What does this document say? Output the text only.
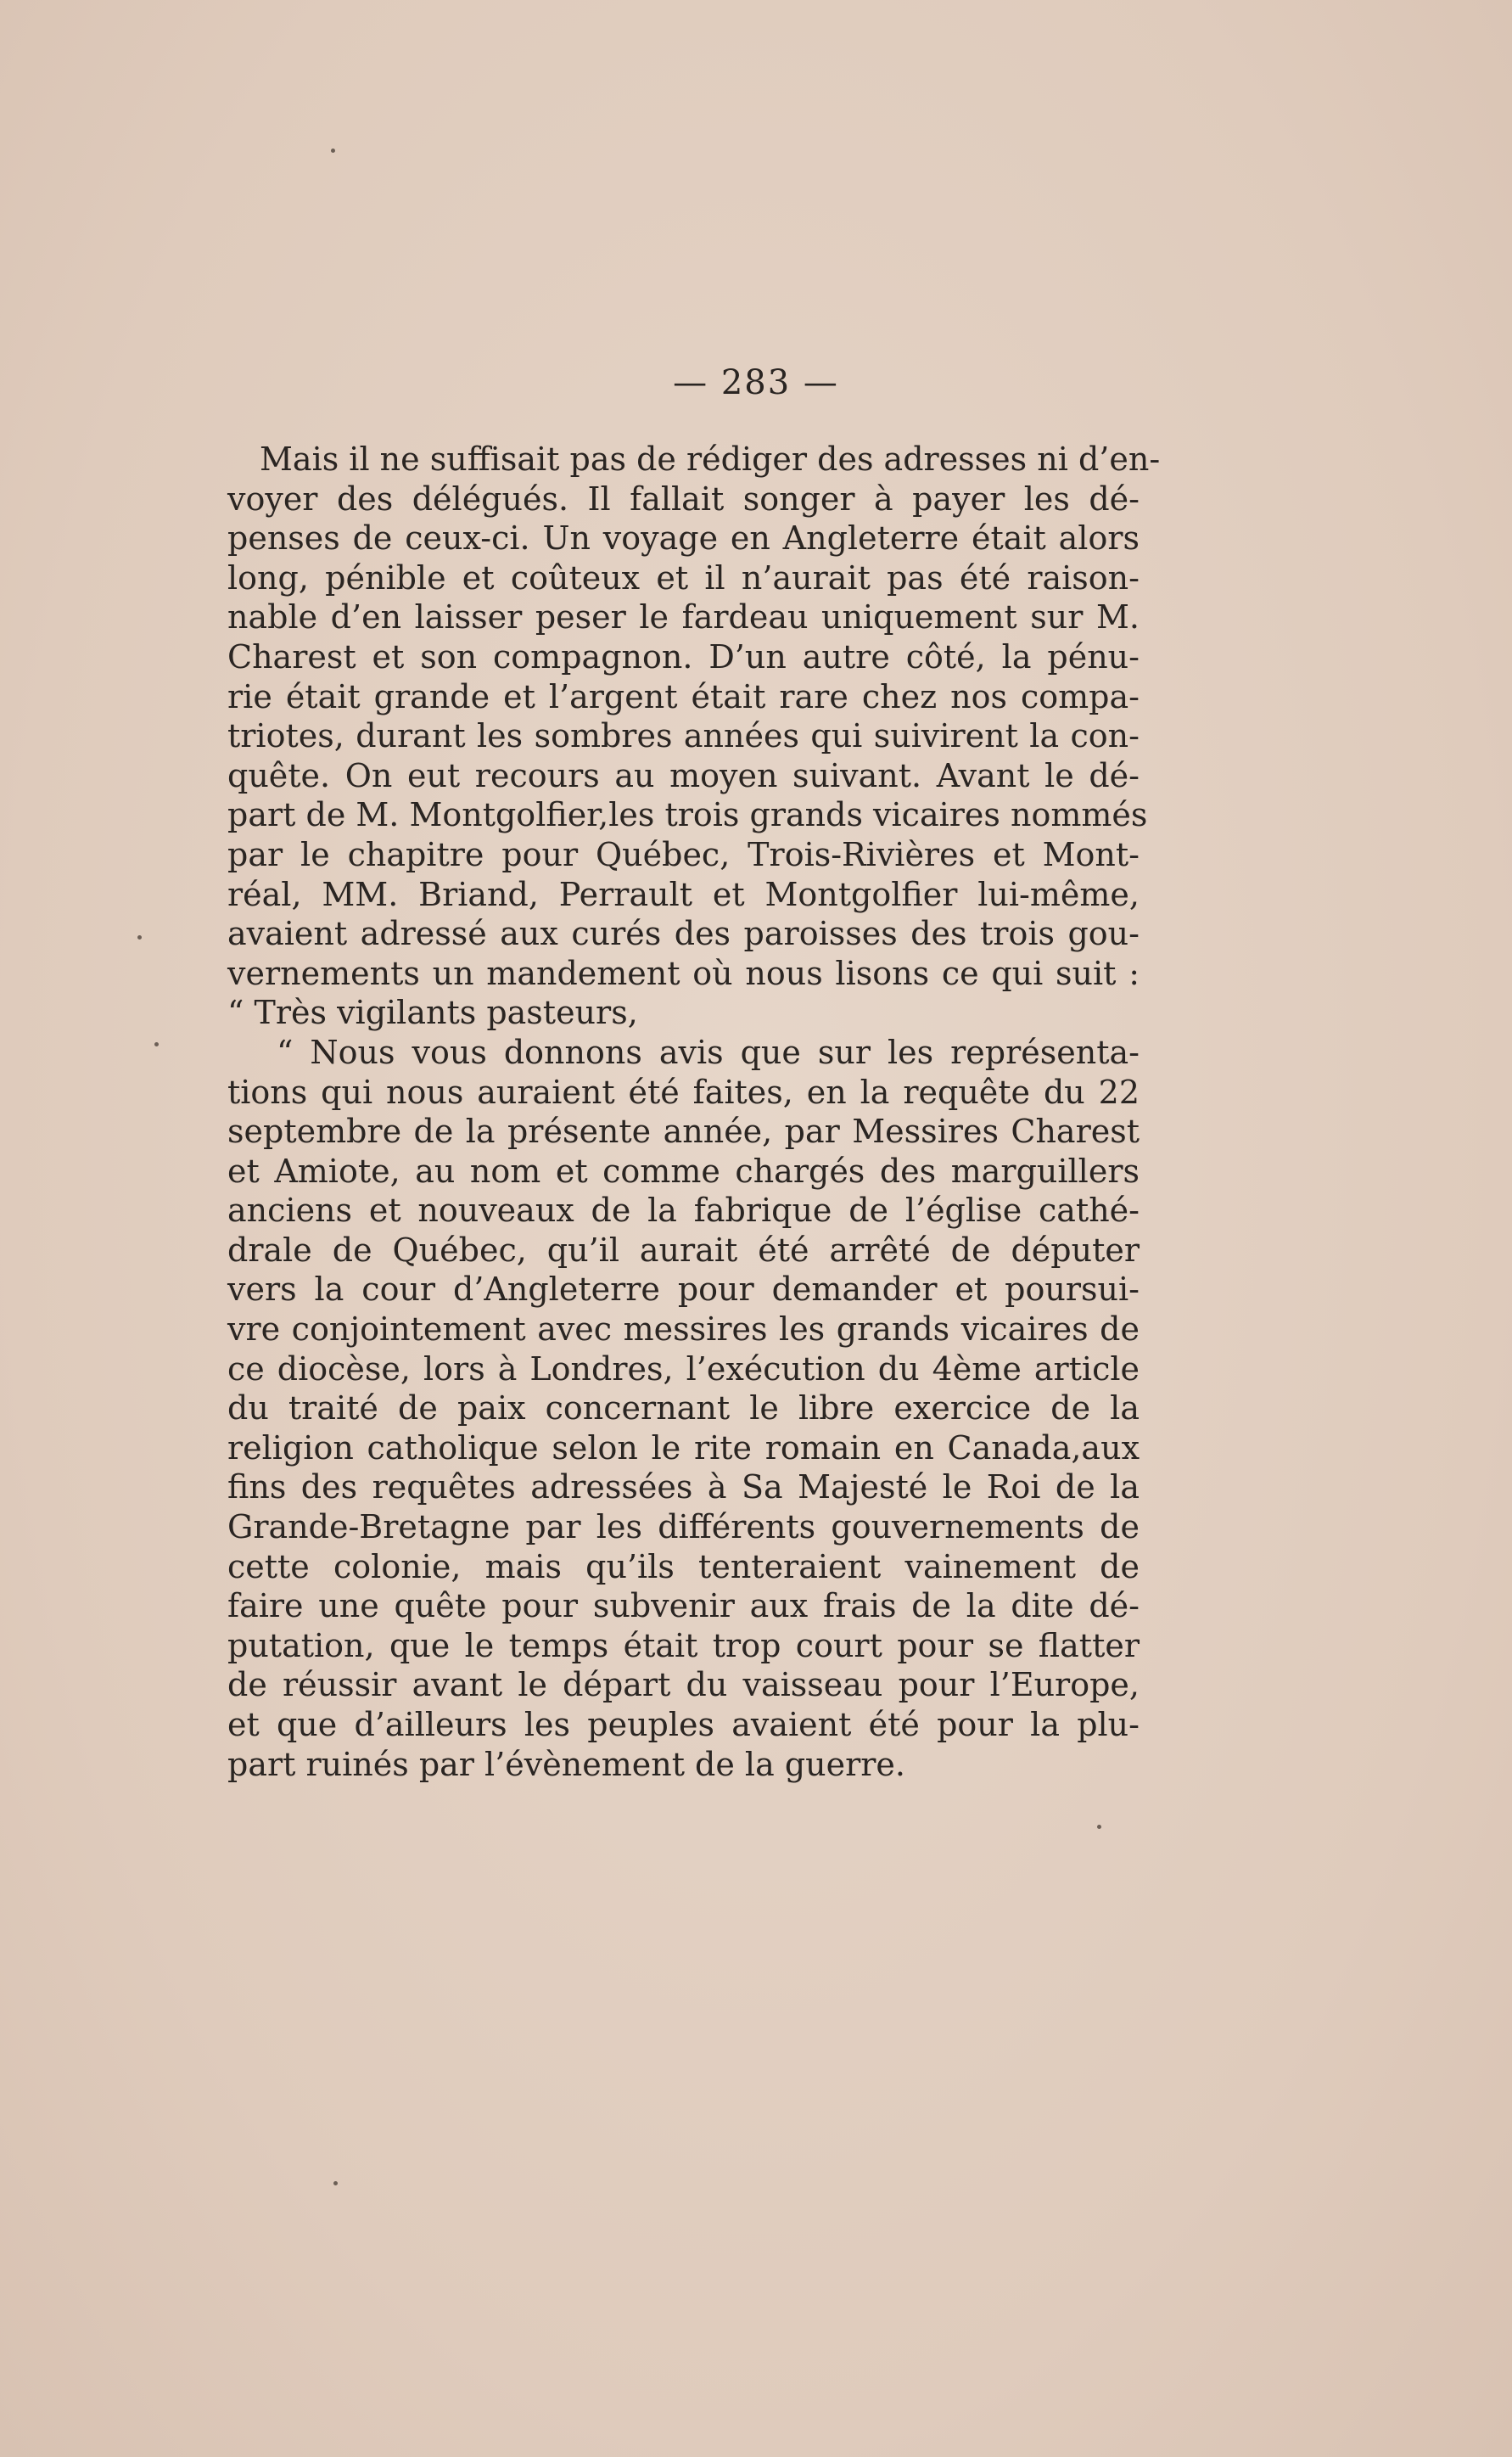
— 283 —
Mais il ne suffisait pas de rédiger des adresses ni d’en-
voyer des délégués. Il fallait songer à payer les dé-
penses de ceux-ci. Un voyage en Angleterre était alors
long, pénible et coûteux et il n’aurait pas été raison-
nable d’en laisser peser le fardeau uniquement sur M.
Charest et son compagnon. D’un autre côté, la pénu-
rie était grande et l’argent était rare chez nos compa-
triotes, durant les sombres années qui suivirent la con-
quête. On eut recours au moyen suivant. Avant le dé-
part de M. Montgolfier,les trois grands vicaires nommés
par le chapitre pour Québec, Trois-Rivières et Mont-
réal, MM. Briand, Perrault et Montgolfier lui-même,
avaient adressé aux curés des paroisses des trois gou-
vernements un mandement où nous lisons ce qui suit :
“ Très vigilants pasteurs,
“ Nous vous donnons avis que sur les représenta-
tions qui nous auraient été faites, en la requête du 22
septembre de la présente année, par Messires Charest
et Amiote, au nom et comme chargés des marguillers
anciens et nouveaux de la fabrique de l’église cathé-
drale de Québec, qu’il aurait été arrêté de députer
vers la cour d’Angleterre pour demander et poursui-
vre conjointement avec messires les grands vicaires de
ce diocèse, lors à Londres, l’exécution du 4ème article
du traité de paix concernant le libre exercice de la
religion catholique selon le rite romain en Canada,aux
fins des requêtes adressées à Sa Majesté le Roi de la
Grande-Bretagne par les différents gouvernements de
cette colonie, mais qu’ils tenteraient vainement de
faire une quête pour subvenir aux frais de la dite dé-
putation, que le temps était trop court pour se flatter
de réussir avant le départ du vaisseau pour l’Europe,
et que d’ailleurs les peuples avaient été pour la plu-
part ruinés par l’évènement de la guerre.
